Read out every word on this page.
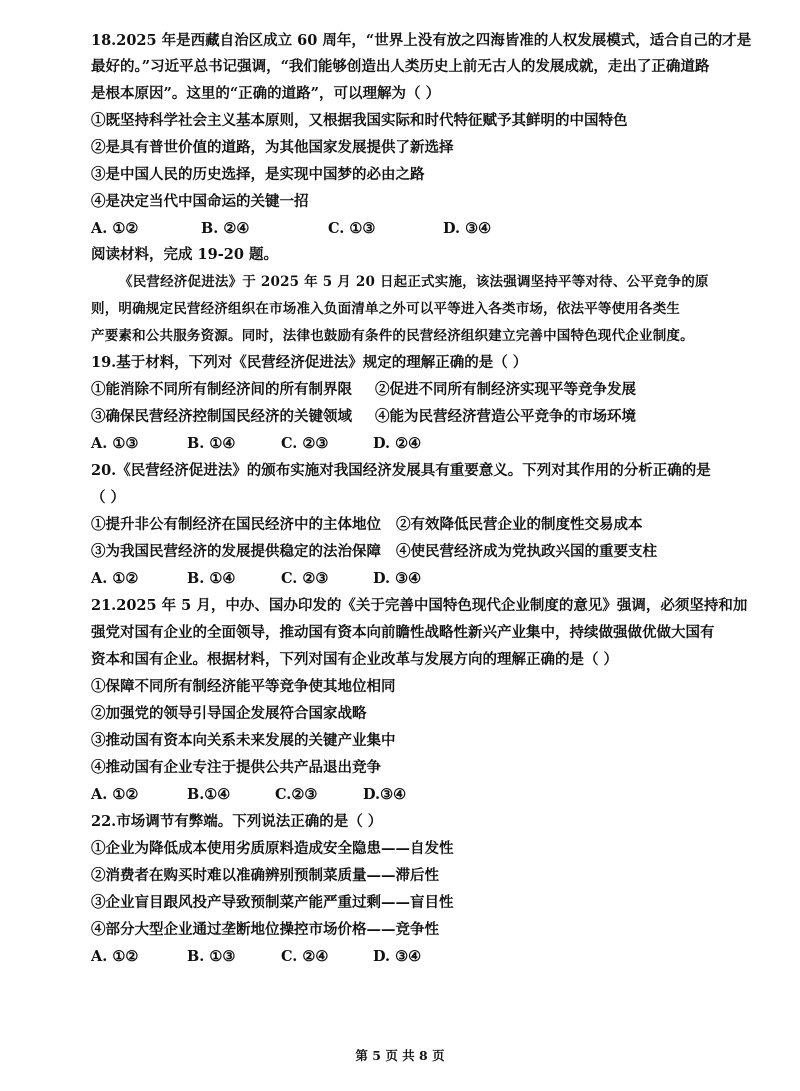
18.2025 年是西藏自治区成立 60 周年，“世界上没有放之四海皆准的人权发展模式，适合自己的才是
最好的。”习近平总书记强调，“我们能够创造出人类历史上前无古人的发展成就，走出了正确道路
是根本原因”。这里的“正确的道路”，可以理解为（ ）
①既坚持科学社会主义基本原则，又根据我国实际和时代特征赋予其鲜明的中国特色
②是具有普世价值的道路，为其他国家发展提供了新选择
③是中国人民的历史选择，是实现中国梦的必由之路
④是决定当代中国命运的关键一招
A. ①②	B. ②④	C. ①③	D. ③④
阅读材料，完成 19-20 题。
《民营经济促进法》于 2025 年 5 月 20 日起正式实施，该法强调坚持平等对待、公平竞争的原
则，明确规定民营经济组织在市场准入负面清单之外可以平等进入各类市场，依法平等使用各类生
产要素和公共服务资源。同时，法律也鼓励有条件的民营经济组织建立完善中国特色现代企业制度。
19.基于材料，下列对《民营经济促进法》规定的理解正确的是（ ）
①能消除不同所有制经济间的所有制界限 ②促进不同所有制经济实现平等竞争发展
③确保民营经济控制国民经济的关键领域 ④能为民营经济营造公平竞争的市场环境
A. ①③	B. ①④	C. ②③	D. ②④
20.《民营经济促进法》的颁布实施对我国经济发展具有重要意义。下列对其作用的分析正确的是
（ ）
①提升非公有制经济在国民经济中的主体地位 ②有效降低民营企业的制度性交易成本
③为我国民营经济的发展提供稳定的法治保障 ④使民营经济成为党执政兴国的重要支柱
A. ①②	B. ①④	C. ②③	D. ③④
21.2025 年 5 月，中办、国办印发的《关于完善中国特色现代企业制度的意见》强调，必须坚持和加
强党对国有企业的全面领导，推动国有资本向前瞻性战略性新兴产业集中，持续做强做优做大国有
资本和国有企业。根据材料，下列对国有企业改革与发展方向的理解正确的是（ ）
①保障不同所有制经济能平等竞争使其地位相同
②加强党的领导引导国企发展符合国家战略
③推动国有资本向关系未来发展的关键产业集中
④推动国有企业专注于提供公共产品退出竞争
A. ①②	B.①④	C.②③	D.③④
22.市场调节有弊端。下列说法正确的是（ ）
①企业为降低成本使用劣质原料造成安全隐患——自发性
②消费者在购买时难以准确辨别预制菜质量——滞后性
③企业盲目跟风投产导致预制菜产能严重过剩——盲目性
④部分大型企业通过垄断地位操控市场价格——竞争性
A. ①②	B. ①③	C. ②④	D. ③④
第 5 页 共 8 页
